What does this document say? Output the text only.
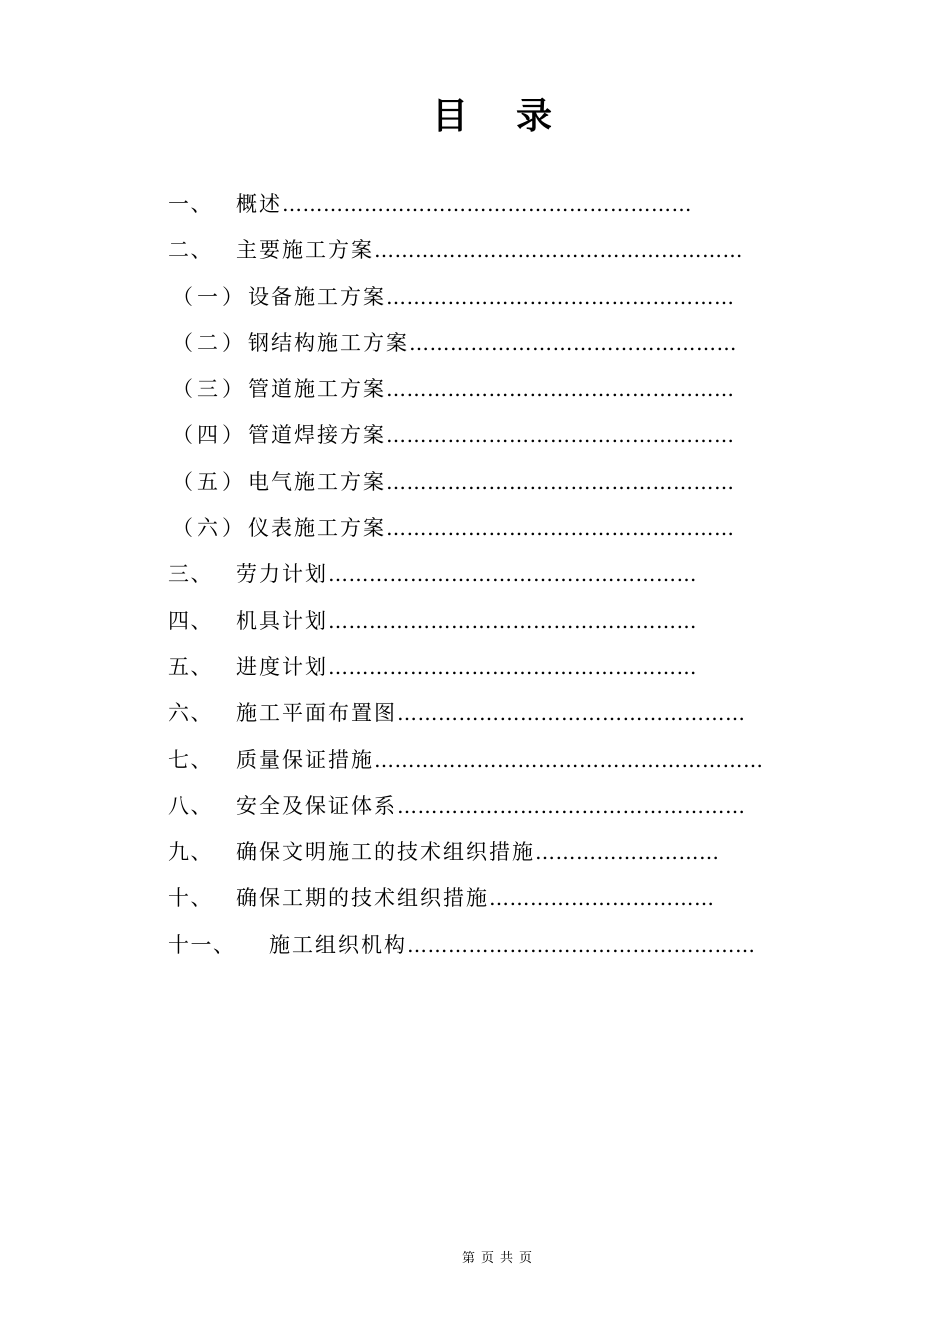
目录
一、 概述 ……………………………………………………
二、 主要施工方案 ………………………………………………
（一）设备施工方案 ……………………………………………
（二）钢结构施工方案 …………………………………………
（三）管道施工方案 ……………………………………………
（四）管道焊接方案 ……………………………………………
（五）电气施工方案 ……………………………………………
（六）仪表施工方案 ……………………………………………
三、 劳力计划 ………………………………………………
四、 机具计划 ………………………………………………
五、 进度计划 ………………………………………………
六、 施工平面布置图 ……………………………………………
七、 质量保证措施 …………………………………………………
八、 安全及保证体系 ……………………………………………
九、 确保文明施工的技术组织措施 ………………………
十、 确保工期的技术组织措施 ……………………………
十一、 施工组织机构 ……………………………………………
第页共页
